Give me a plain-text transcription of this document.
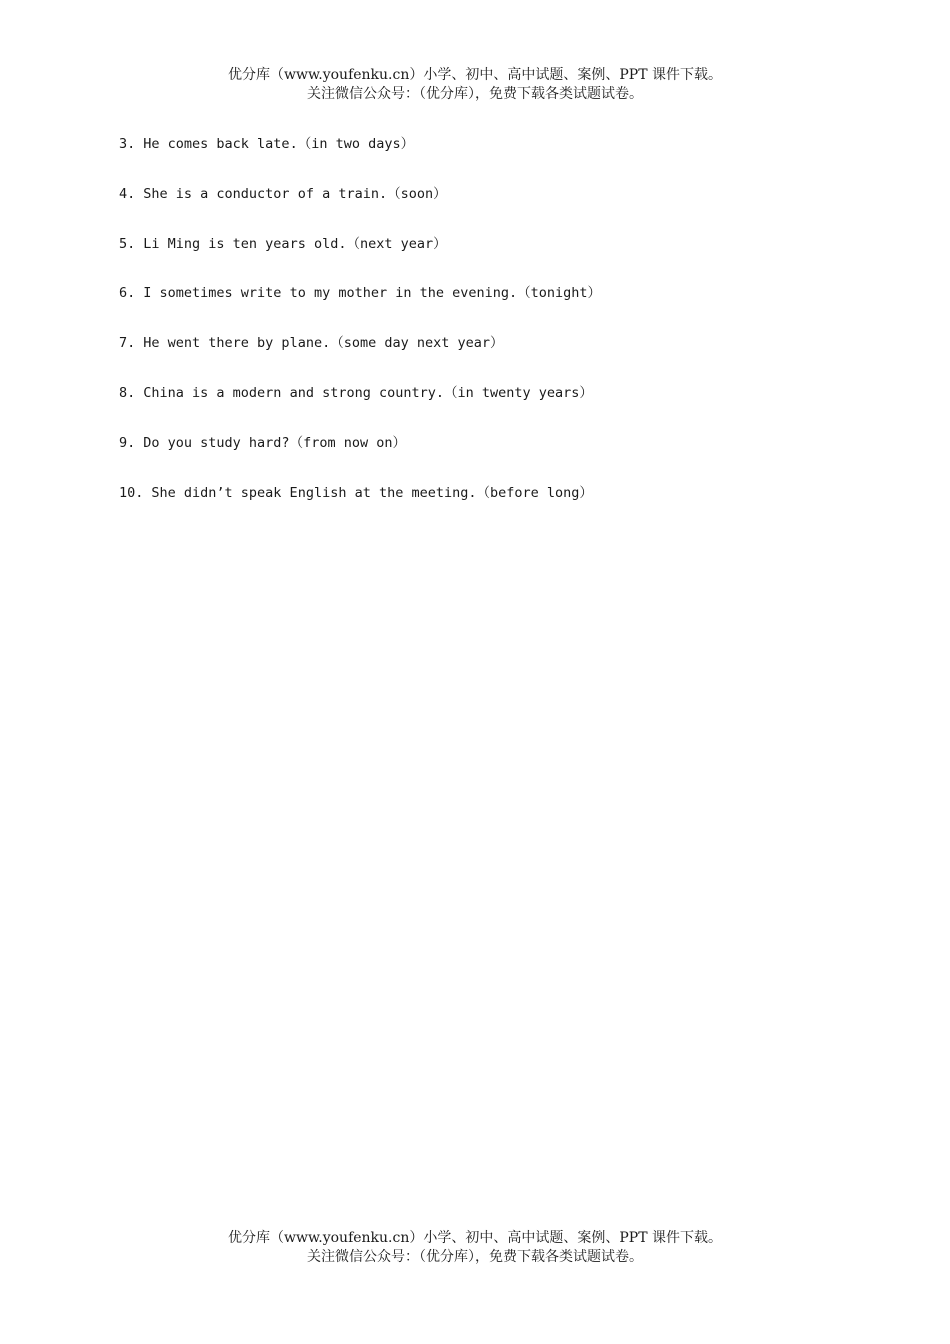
优分库（www.youfenku.cn）小学、初中、高中试题、案例、PPT 课件下载。
关注微信公众号：（优分库），免费下载各类试题试卷。
3. He comes back late.（in two days）
4. She is a conductor of a train.（soon）
5. Li Ming is ten years old.（next year）
6. I sometimes write to my mother in the evening.（tonight）
7. He went there by plane.（some day next year）
8. China is a modern and strong country.（in twenty years）
9. Do you study hard?（from now on）
10. She didn’t speak English at the meeting.（before long）
优分库（www.youfenku.cn）小学、初中、高中试题、案例、PPT 课件下载。
关注微信公众号：（优分库），免费下载各类试题试卷。
